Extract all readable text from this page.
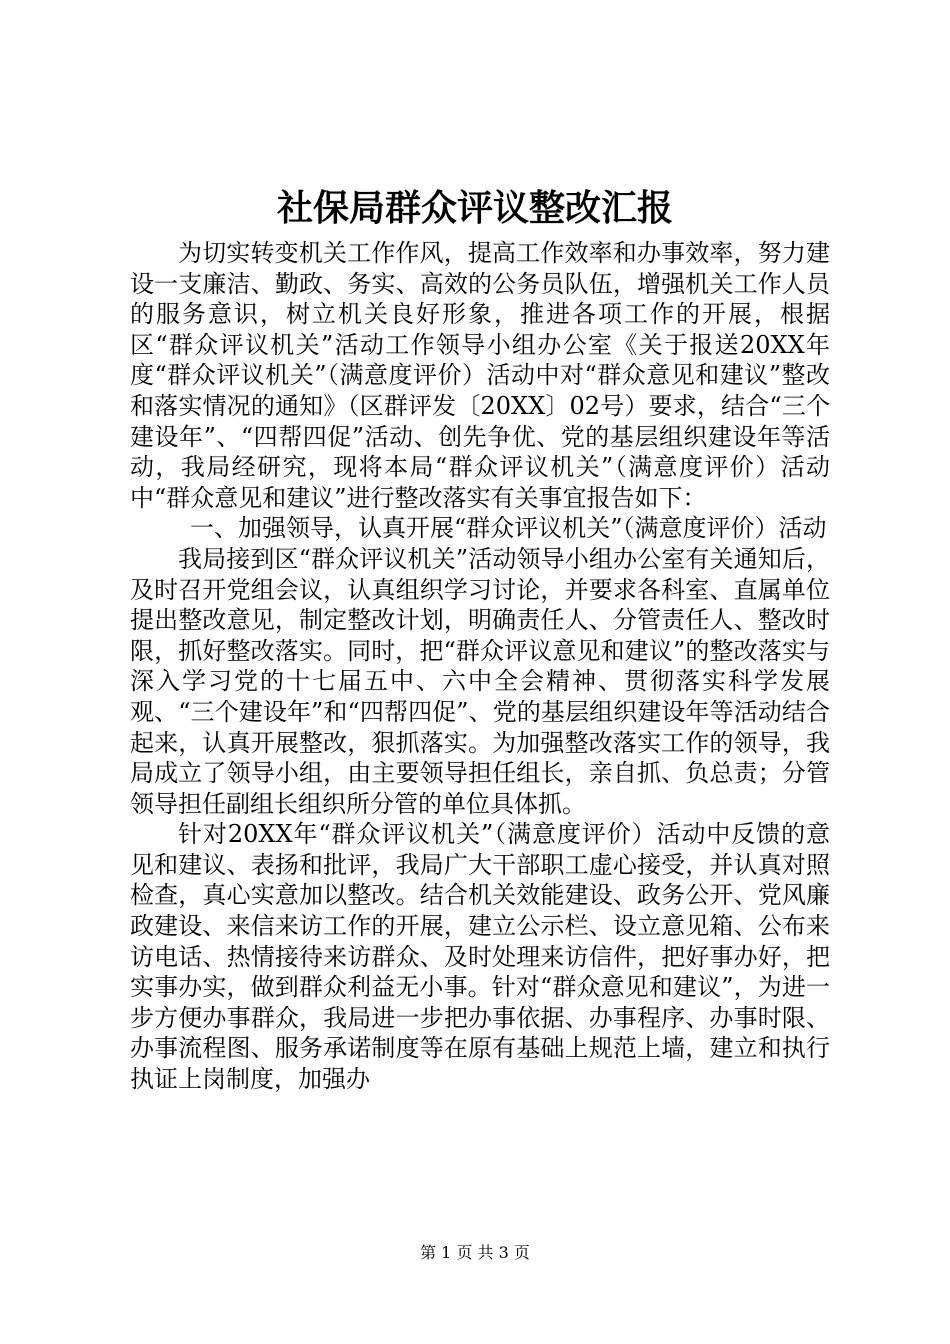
社保局群众评议整改汇报

为切实转变机关工作作风，提高工作效率和办事效率，努力建设一支廉洁、勤政、务实、高效的公务员队伍，增强机关工作人员的服务意识，树立机关良好形象，推进各项工作的开展，根据区“群众评议机关”活动工作领导小组办公室《关于报送20XX年度“群众评议机关”（满意度评价）活动中对“群众意见和建议”整改和落实情况的通知》（区群评发〔20XX〕02号）要求，结合“三个建设年”、“四帮四促”活动、创先争优、党的基层组织建设年等活动，我局经研究，现将本局“群众评议机关”（满意度评价）活动中“群众意见和建议”进行整改落实有关事宜报告如下：

一、加强领导，认真开展“群众评议机关”（满意度评价）活动

我局接到区“群众评议机关”活动领导小组办公室有关通知后，及时召开党组会议，认真组织学习讨论，并要求各科室、直属单位提出整改意见，制定整改计划，明确责任人、分管责任人、整改时限，抓好整改落实。同时，把“群众评议意见和建议”的整改落实与深入学习党的十七届五中、六中全会精神、贯彻落实科学发展观、“三个建设年”和“四帮四促”、党的基层组织建设年等活动结合起来，认真开展整改，狠抓落实。为加强整改落实工作的领导，我局成立了领导小组，由主要领导担任组长，亲自抓、负总责；分管领导担任副组长组织所分管的单位具体抓。

针对20XX年“群众评议机关”（满意度评价）活动中反馈的意见和建议、表扬和批评，我局广大干部职工虚心接受，并认真对照检查，真心实意加以整改。结合机关效能建设、政务公开、党风廉政建设、来信来访工作的开展，建立公示栏、设立意见箱、公布来访电话、热情接待来访群众、及时处理来访信件，把好事办好，把实事办实，做到群众利益无小事。针对“群众意见和建议”，为进一步方便办事群众，我局进一步把办事依据、办事程序、办事时限、办事流程图、服务承诺制度等在原有基础上规范上墙，建立和执行执证上岗制度，加强办

第 1 页 共 3 页
